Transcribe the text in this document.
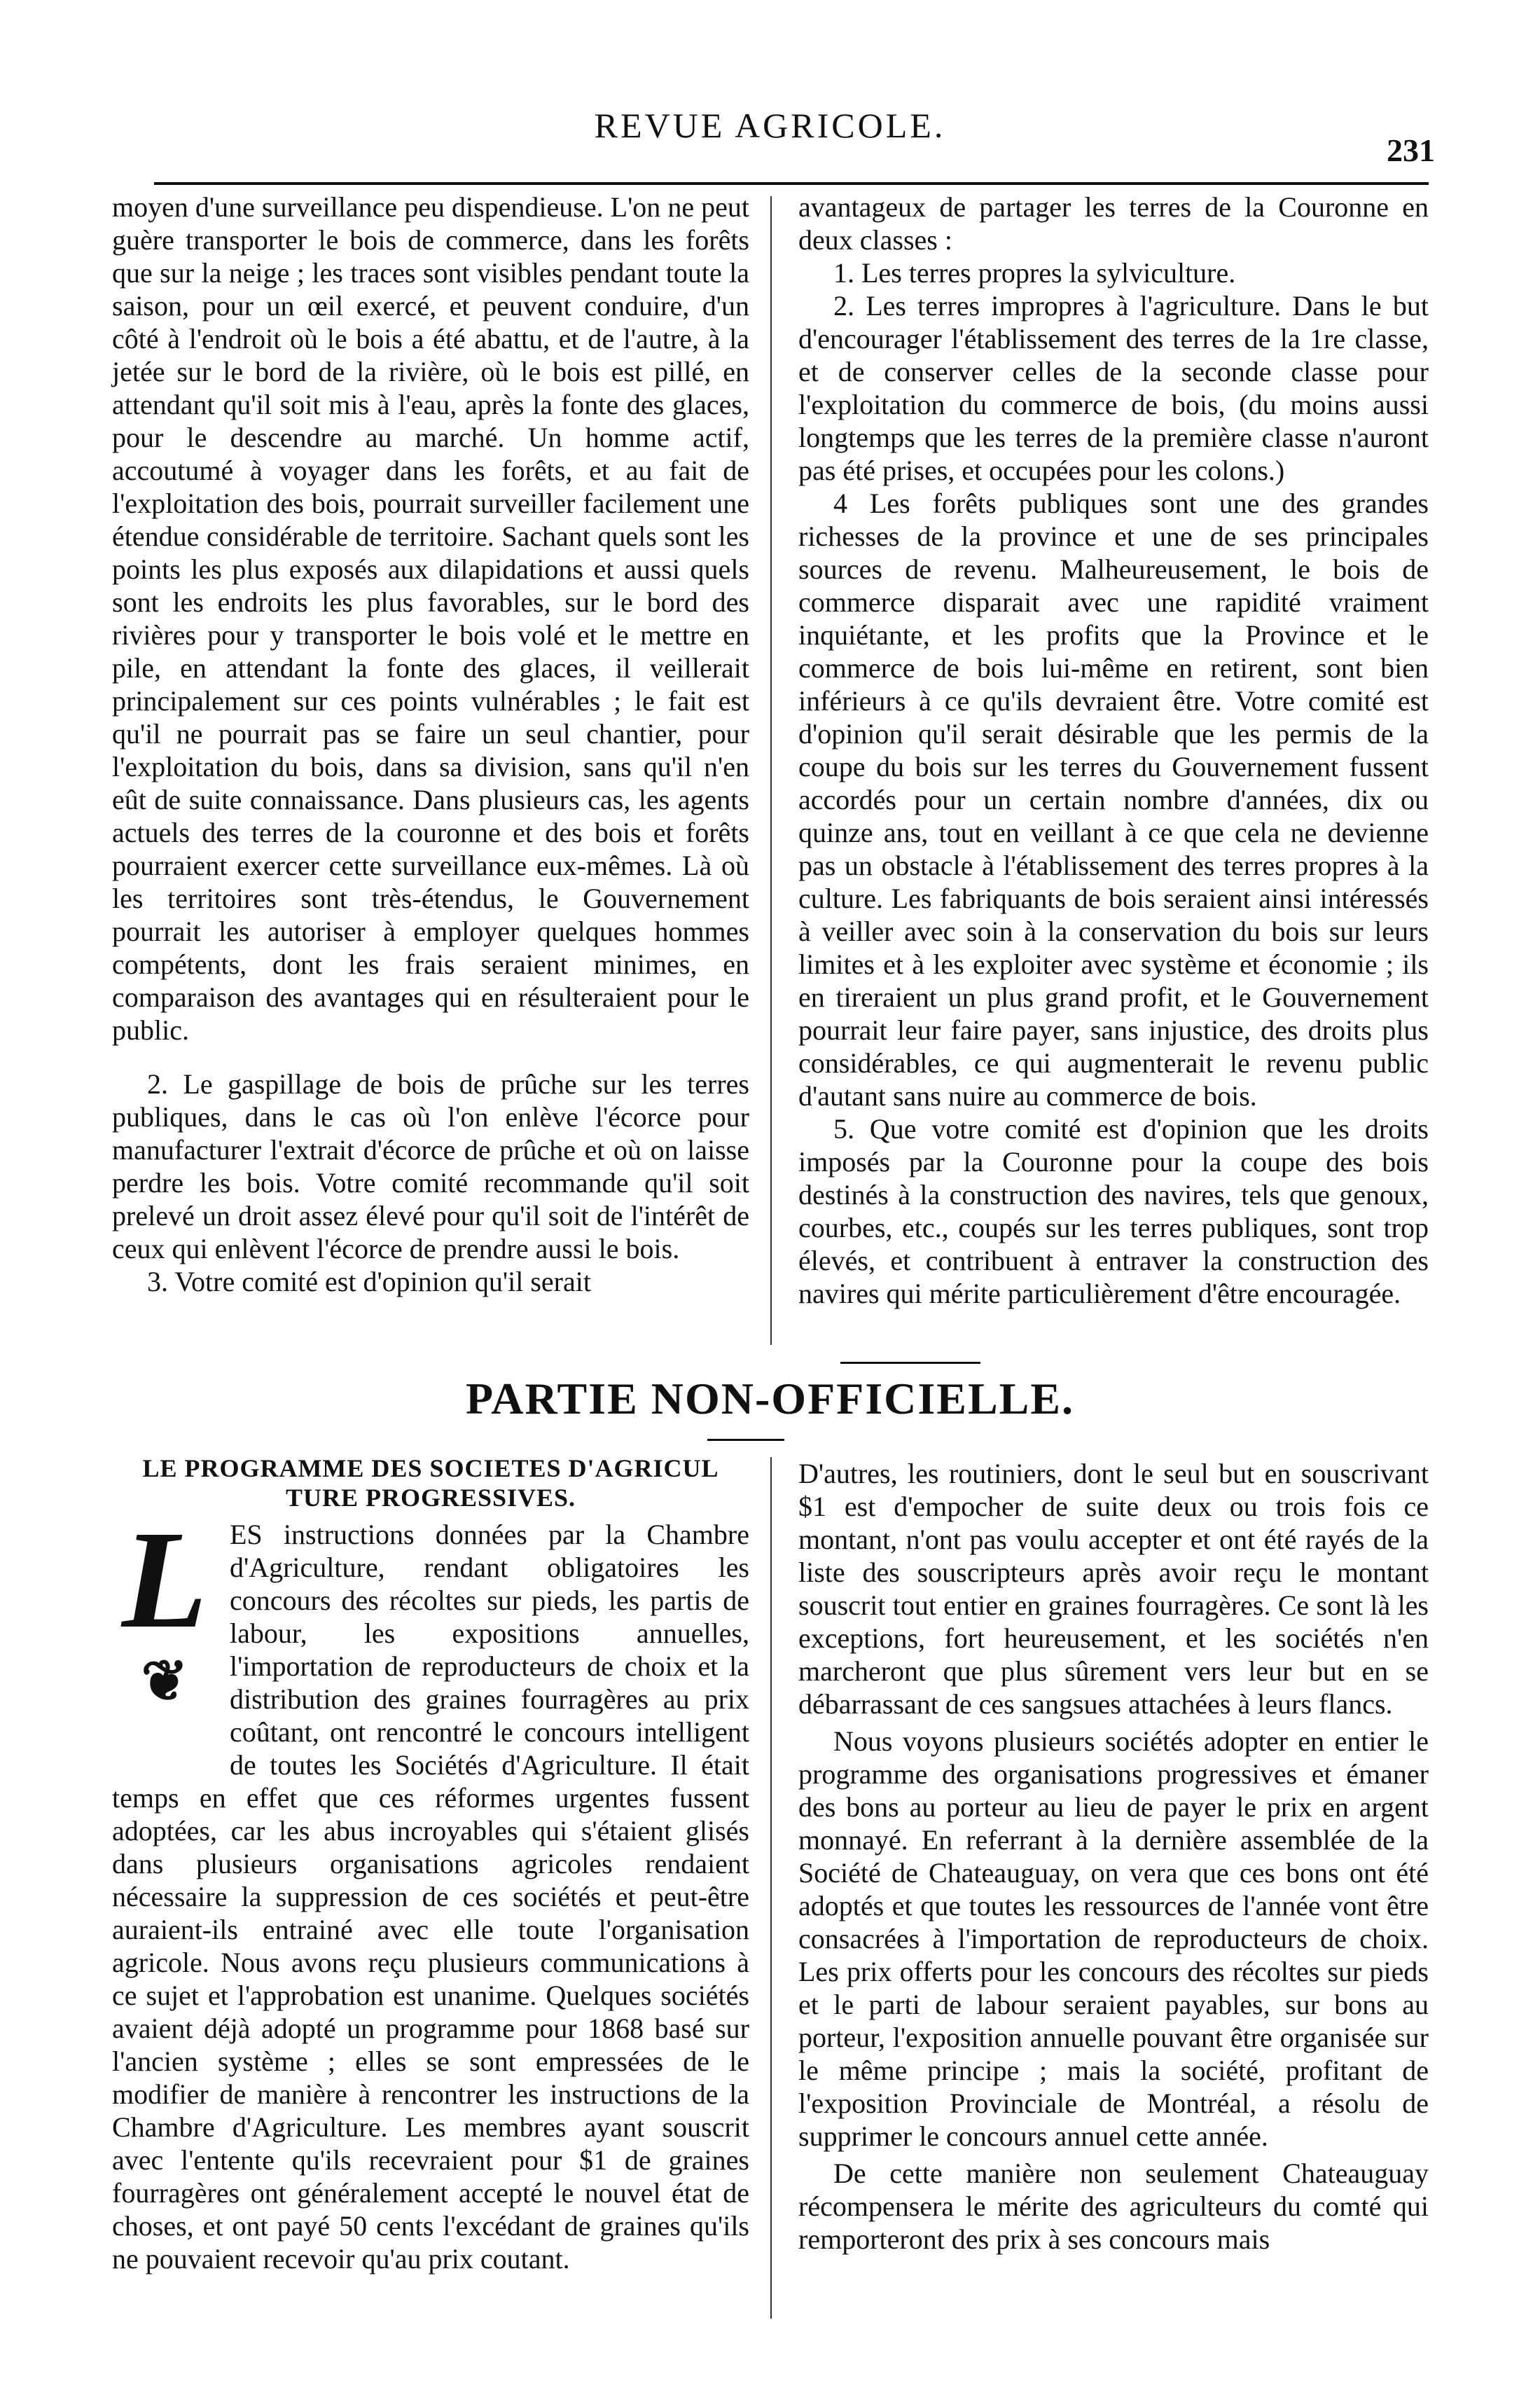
REVUE AGRICOLE.
231

moyen d'une surveillance peu dispendieuse. L'on ne peut guère transporter le bois de commerce, dans les forêts que sur la neige ; les traces sont visibles pendant toute la saison, pour un œil exercé, et peuvent conduire, d'un côté à l'endroit où le bois a été abattu, et de l'autre, à la jetée sur le bord de la rivière, où le bois est pillé, en attendant qu'il soit mis à l'eau, après la fonte des glaces, pour le descendre au marché. Un homme actif, accoutumé à voyager dans les forêts, et au fait de l'exploitation des bois, pourrait surveiller facilement une étendue considérable de territoire. Sachant quels sont les points les plus exposés aux dilapidations et aussi quels sont les endroits les plus favorables, sur le bord des rivières pour y transporter le bois volé et le mettre en pile, en attendant la fonte des glaces, il veillerait principalement sur ces points vulnérables ; le fait est qu'il ne pourrait pas se faire un seul chantier, pour l'exploitation du bois, dans sa division, sans qu'il n'en eût de suite connaissance. Dans plusieurs cas, les agents actuels des terres de la couronne et des bois et forêts pourraient exercer cette surveillance eux-mêmes. Là où les territoires sont très-étendus, le Gouvernement pourrait les autoriser à employer quelques hommes compétents, dont les frais seraient minimes, en comparaison des avantages qui en résulteraient pour le public.

2. Le gaspillage de bois de prûche sur les terres publiques, dans le cas où l'on enlève l'écorce pour manufacturer l'extrait d'écorce de prûche et où on laisse perdre les bois. Votre comité recommande qu'il soit prelevé un droit assez élevé pour qu'il soit de l'intérêt de ceux qui enlèvent l'écorce de prendre aussi le bois.

3. Votre comité est d'opinion qu'il serait

avantageux de partager les terres de la Couronne en deux classes :

1. Les terres propres la sylviculture.

2. Les terres impropres à l'agriculture. Dans le but d'encourager l'établissement des terres de la 1re classe, et de conserver celles de la seconde classe pour l'exploitation du commerce de bois, (du moins aussi longtemps que les terres de la première classe n'auront pas été prises, et occupées pour les colons.)

4 Les forêts publiques sont une des grandes richesses de la province et une de ses principales sources de revenu. Malheureusement, le bois de commerce disparait avec une rapidité vraiment inquiétante, et les profits que la Province et le commerce de bois lui-même en retirent, sont bien inférieurs à ce qu'ils devraient être. Votre comité est d'opinion qu'il serait désirable que les permis de la coupe du bois sur les terres du Gouvernement fussent accordés pour un certain nombre d'années, dix ou quinze ans, tout en veillant à ce que cela ne devienne pas un obstacle à l'établissement des terres propres à la culture. Les fabriquants de bois seraient ainsi intéressés à veiller avec soin à la conservation du bois sur leurs limites et à les exploiter avec système et économie ; ils en tireraient un plus grand profit, et le Gouvernement pourrait leur faire payer, sans injustice, des droits plus considérables, ce qui augmenterait le revenu public d'autant sans nuire au commerce de bois.

5. Que votre comité est d'opinion que les droits imposés par la Couronne pour la coupe des bois destinés à la construction des navires, tels que genoux, courbes, etc., coupés sur les terres publiques, sont trop élevés, et contribuent à entraver la construction des navires qui mérite particulièrement d'être encouragée.

PARTIE NON-OFFICIELLE.
LE PROGRAMME DES SOCIETES D'AGRICUL
TURE PROGRESSIVES.
L
❦

ES instructions données par la Chambre d'Agriculture, rendant obligatoires les concours des récoltes sur pieds, les partis de labour, les expositions annuelles, l'importation de reproducteurs de choix et la distribution des graines fourragères au prix coûtant, ont rencontré le concours intelligent de toutes les Sociétés d'Agriculture. Il était temps en effet que ces réformes urgentes fussent adoptées, car les abus incroyables qui s'étaient glisés dans plusieurs organisations agricoles rendaient nécessaire la suppression de ces sociétés et peut-être auraient-ils entrainé avec elle toute l'organisation agricole. Nous avons reçu plusieurs communications à ce sujet et l'approbation est unanime. Quelques sociétés avaient déjà adopté un programme pour 1868 basé sur l'ancien système ; elles se sont empressées de le modifier de manière à rencontrer les instructions de la Chambre d'Agriculture. Les membres ayant souscrit avec l'entente qu'ils recevraient pour $1 de graines fourragères ont généralement accepté le nouvel état de choses, et ont payé 50 cents l'excédant de graines qu'ils ne pouvaient recevoir qu'au prix coutant.

D'autres, les routiniers, dont le seul but en souscrivant $1 est d'empocher de suite deux ou trois fois ce montant, n'ont pas voulu accepter et ont été rayés de la liste des souscripteurs après avoir reçu le montant souscrit tout entier en graines fourragères. Ce sont là les exceptions, fort heureusement, et les sociétés n'en marcheront que plus sûrement vers leur but en se débarrassant de ces sangsues attachées à leurs flancs.

Nous voyons plusieurs sociétés adopter en entier le programme des organisations progressives et émaner des bons au porteur au lieu de payer le prix en argent monnayé. En referrant à la dernière assemblée de la Société de Chateauguay, on vera que ces bons ont été adoptés et que toutes les ressources de l'année vont être consacrées à l'importation de reproducteurs de choix. Les prix offerts pour les concours des récoltes sur pieds et le parti de labour seraient payables, sur bons au porteur, l'exposition annuelle pouvant être organisée sur le même principe ; mais la société, profitant de l'exposition Provinciale de Montréal, a résolu de supprimer le concours annuel cette année.

De cette manière non seulement Chateauguay récompensera le mérite des agriculteurs du comté qui remporteront des prix à ses concours mais
